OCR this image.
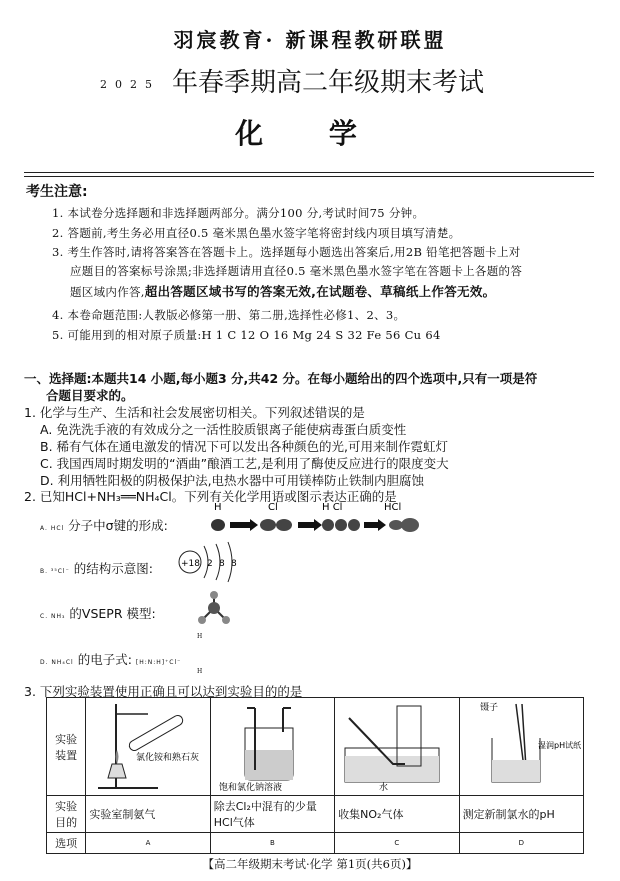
羽宸教育· 新课程教研联盟
2025 年春季期高二年级期末考试
化 学
考生注意:
1. 本试卷分选择题和非选择题两部分。满分100 分,考试时间75 分钟。
2. 答题前,考生务必用直径0.5 毫米黑色墨水签字笔将密封线内项目填写清楚。
3. 考生作答时,请将答案答在答题卡上。选择题每小题选出答案后,用2B 铅笔把答题卡上对
应题目的答案标号涂黑;非选择题请用直径0.5 毫米黑色墨水签字笔在答题卡上各题的答
题区域内作答,超出答题区域书写的答案无效,在试题卷、草稿纸上作答无效。
4. 本卷命题范围:人教版必修第一册、第二册,选择性必修1、2、3。
5. 可能用到的相对原子质量:H 1 C 12 O 16 Mg 24 S 32 Fe 56 Cu 64
一、选择题:本题共14 小题,每小题3 分,共42 分。在每小题给出的四个选项中,只有一项是符
合题目要求的。
1. 化学与生产、生活和社会发展密切相关。下列叙述错误的是
A. 免洗洗手液的有效成分之一活性胶质银离子能使病毒蛋白质变性
B. 稀有气体在通电激发的情况下可以发出各种颜色的光,可用来制作霓虹灯
C. 我国西周时期发明的“酒曲”酿酒工艺,是利用了酶使反应进行的限度变大
D. 利用牺牲阳极的阴极保护法,电热水器中可用镁棒防止铁制内胆腐蚀
2. 已知HCl+NH₃══NH₄Cl。下列有关化学用语或图示表达正确的是
A. HCl 分子中σ键的形成:
H	Cl	H Cl	HCl
B. ³⁵Cl⁻ 的结构示意图:	+18 2 8 8
C. NH₃ 的VSEPR 模型:
H
D. NH₄Cl 的电子式: [H:N:H]⁺Cl⁻
H
3. 下列实验装置使用正确且可以达到实验目的的是
实验装置	氯化铵和熟石灰	饱和氯化钠溶液	水	镊子
湿润pH试纸

实验目的	实验室制氨气	除去Cl₂中混有的少量HCl气体	收集NO₂气体	测定新制氯水的pH
选项	A	B	C	D
【高二年级期末考试·化学 第1页(共6页)】
